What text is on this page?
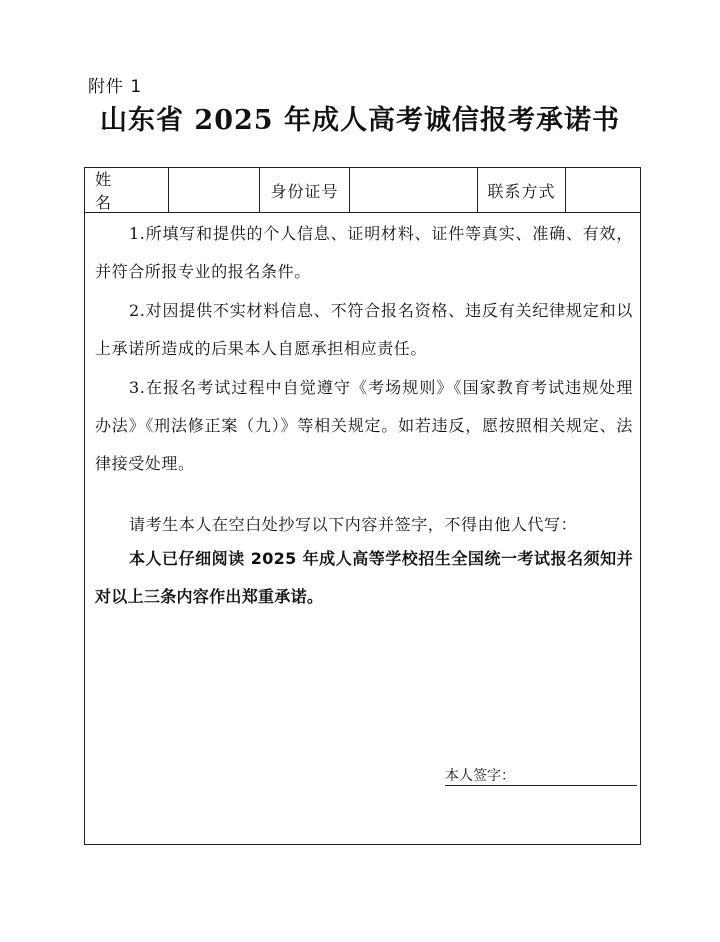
附件 1
山东省 2025 年成人高考诚信报考承诺书
姓 名
身份证号	联系方式
1.所填写和提供的个人信息、证明材料、证件等真实、准确、有效，并符合所报专业的报名条件。
2.对因提供不实材料信息、不符合报名资格、违反有关纪律规定和以上承诺所造成的后果本人自愿承担相应责任。
3.在报名考试过程中自觉遵守《考场规则》《国家教育考试违规处理办法》《刑法修正案（九）》等相关规定。如若违反，愿按照相关规定、法律接受处理。
请考生本人在空白处抄写以下内容并签字，不得由他人代写：
本人已仔细阅读 2025 年成人高等学校招生全国统一考试报名须知并对以上三条内容作出郑重承诺。
本人签字：
